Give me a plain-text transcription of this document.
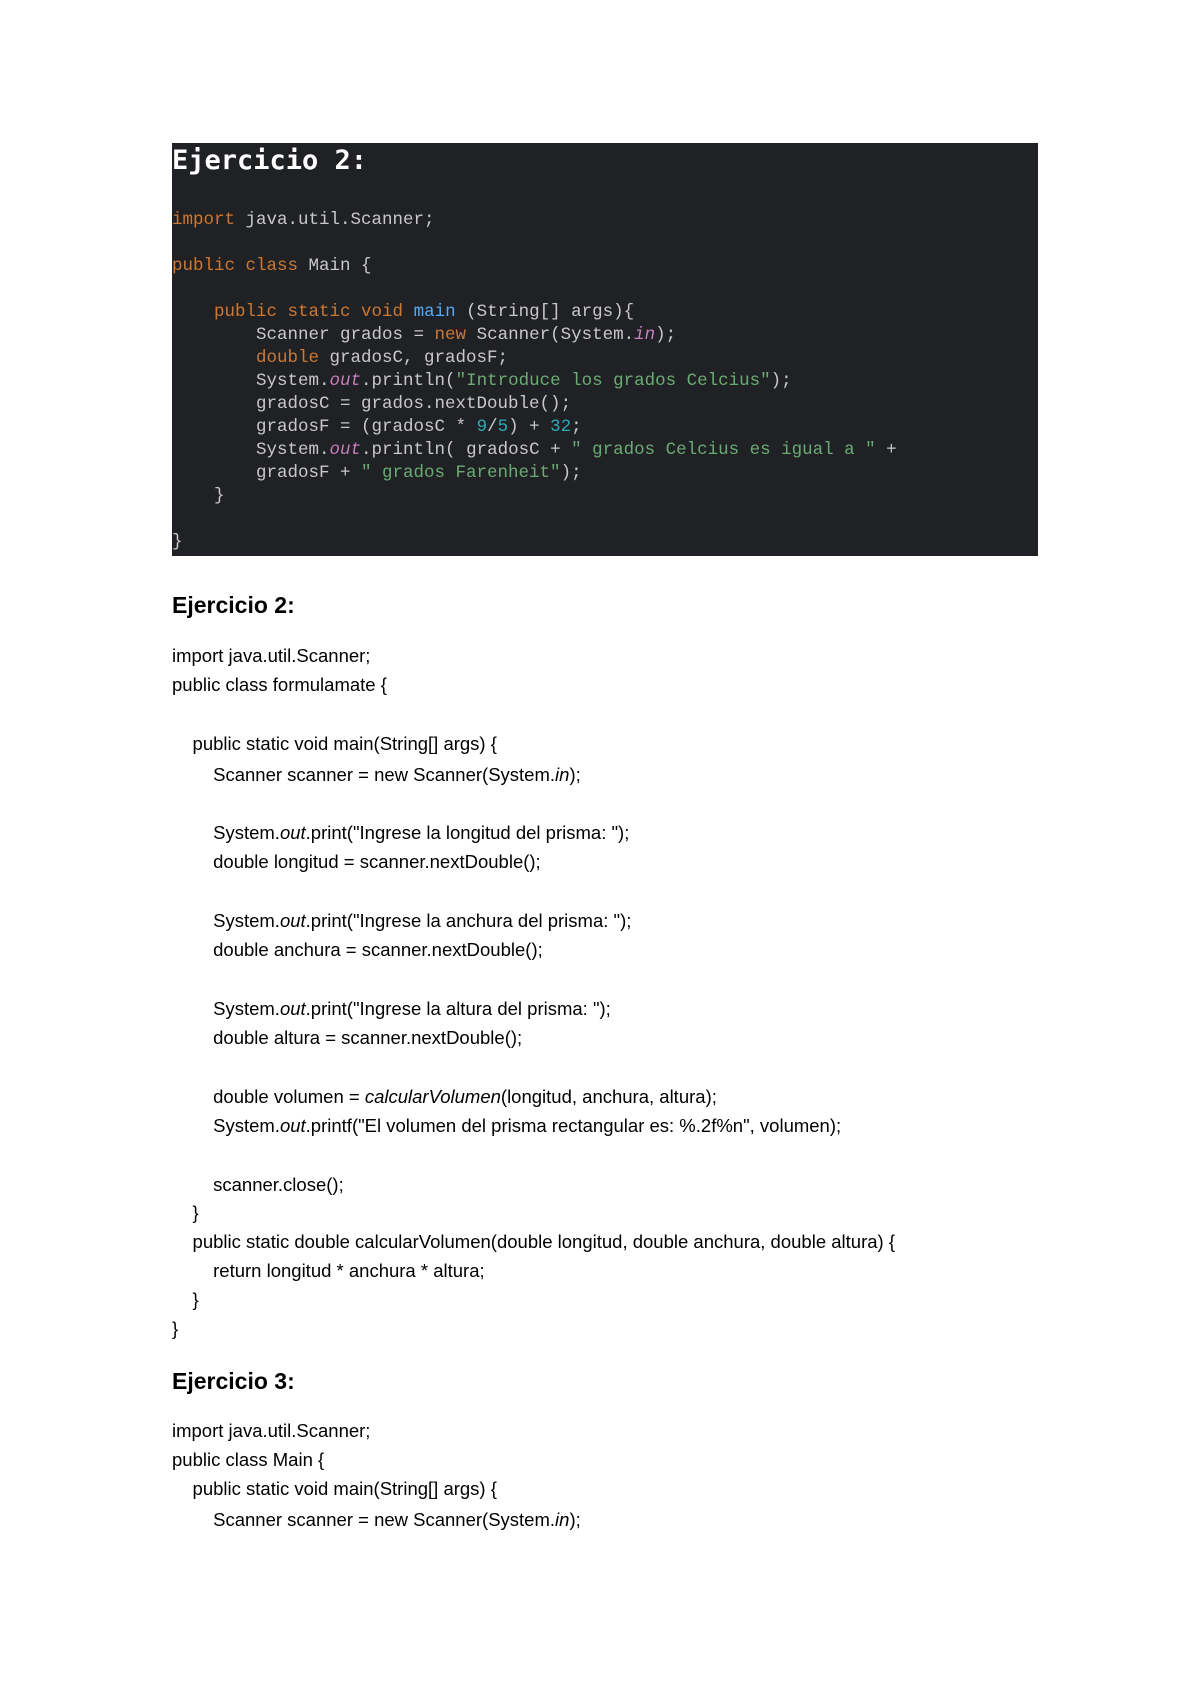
Ejercicio 2:
import java.util.Scanner;
public class Main {
public static void main (String[] args){
Scanner grados = new Scanner(System.in);
double gradosC, gradosF;
System.out.println("Introduce los grados Celcius");
gradosC = grados.nextDouble();
gradosF = (gradosC * 9/5) + 32;
System.out.println( gradosC + " grados Celcius es igual a " +
gradosF + " grados Farenheit");
}
}
Ejercicio 2:
import java.util.Scanner;
public class formulamate {
public static void main(String[] args) {
Scanner scanner = new Scanner(System.in);
System.out.print("Ingrese la longitud del prisma: ");
double longitud = scanner.nextDouble();
System.out.print("Ingrese la anchura del prisma: ");
double anchura = scanner.nextDouble();
System.out.print("Ingrese la altura del prisma: ");
double altura = scanner.nextDouble();
double volumen = calcularVolumen(longitud, anchura, altura);
System.out.printf("El volumen del prisma rectangular es: %.2f%n", volumen);
scanner.close();
}
public static double calcularVolumen(double longitud, double anchura, double altura) {
return longitud * anchura * altura;
}
}
Ejercicio 3:
import java.util.Scanner;
public class Main {
public static void main(String[] args) {
Scanner scanner = new Scanner(System.in);
